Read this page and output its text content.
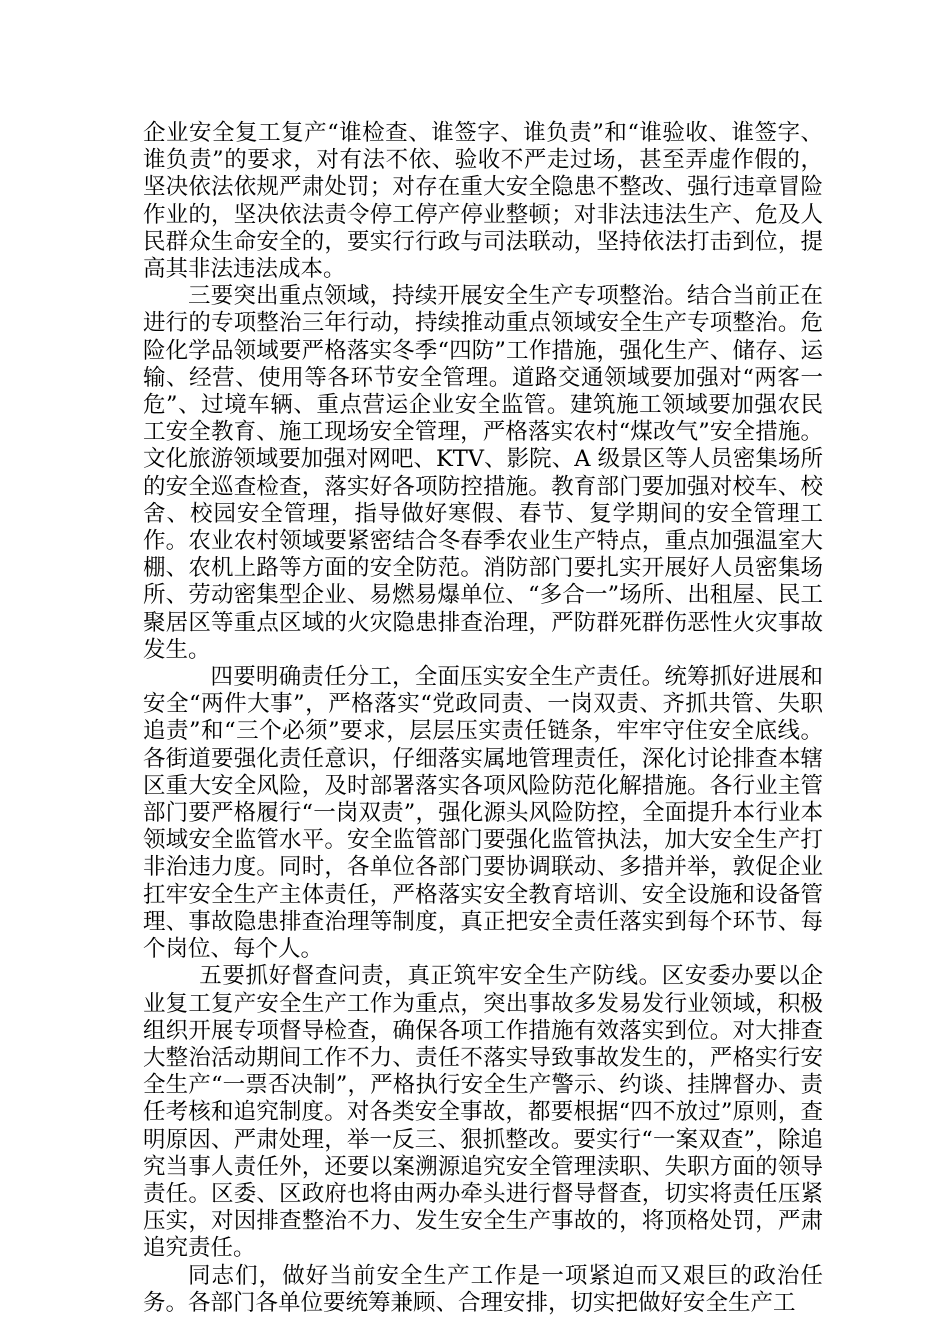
企业安全复工复产“谁检查、谁签字、谁负责”和“谁验收、谁签字、谁负责”的要求，对有法不依、验收不严走过场，甚至弄虚作假的，坚决依法依规严肃处罚；对存在重大安全隐患不整改、强行违章冒险作业的，坚决依法责令停工停产停业整顿；对非法违法生产、危及人民群众生命安全的，要实行行政与司法联动，坚持依法打击到位，提高其非法违法成本。

三要突出重点领域，持续开展安全生产专项整治。结合当前正在进行的专项整治三年行动，持续推动重点领域安全生产专项整治。危险化学品领域要严格落实冬季“四防”工作措施，强化生产、储存、运输、经营、使用等各环节安全管理。道路交通领域要加强对“两客一危”、过境车辆、重点营运企业安全监管。建筑施工领域要加强农民工安全教育、施工现场安全管理，严格落实农村“煤改气”安全措施。文化旅游领域要加强对网吧、KTV、影院、A 级景区等人员密集场所的安全巡查检查，落实好各项防控措施。教育部门要加强对校车、校舍、校园安全管理，指导做好寒假、春节、复学期间的安全管理工作。农业农村领域要紧密结合冬春季农业生产特点，重点加强温室大棚、农机上路等方面的安全防范。消防部门要扎实开展好人员密集场所、劳动密集型企业、易燃易爆单位、“多合一”场所、出租屋、民工聚居区等重点区域的火灾隐患排查治理，严防群死群伤恶性火灾事故发生。

四要明确责任分工，全面压实安全生产责任。统筹抓好进展和安全“两件大事”，严格落实“党政同责、一岗双责、齐抓共管、失职追责”和“三个必须”要求，层层压实责任链条，牢牢守住安全底线。各街道要强化责任意识，仔细落实属地管理责任，深化讨论排查本辖区重大安全风险，及时部署落实各项风险防范化解措施。各行业主管部门要严格履行“一岗双责”，强化源头风险防控，全面提升本行业本领域安全监管水平。安全监管部门要强化监管执法，加大安全生产打非治违力度。同时，各单位各部门要协调联动、多措并举，敦促企业扛牢安全生产主体责任，严格落实安全教育培训、安全设施和设备管理、事故隐患排查治理等制度，真正把安全责任落实到每个环节、每个岗位、每个人。

五要抓好督查问责，真正筑牢安全生产防线。区安委办要以企业复工复产安全生产工作为重点，突出事故多发易发行业领域，积极组织开展专项督导检查，确保各项工作措施有效落实到位。对大排查大整治活动期间工作不力、责任不落实导致事故发生的，严格实行安全生产“一票否决制”，严格执行安全生产警示、约谈、挂牌督办、责任考核和追究制度。对各类安全事故，都要根据“四不放过”原则，查明原因、严肃处理，举一反三、狠抓整改。要实行“一案双查”，除追究当事人责任外，还要以案溯源追究安全管理渎职、失职方面的领导责任。区委、区政府也将由两办牵头进行督导督查，切实将责任压紧压实，对因排查整治不力、发生安全生产事故的，将顶格处罚，严肃追究责任。

同志们，做好当前安全生产工作是一项紧迫而又艰巨的政治任务。各部门各单位要统筹兼顾、合理安排，切实把做好安全生产工
